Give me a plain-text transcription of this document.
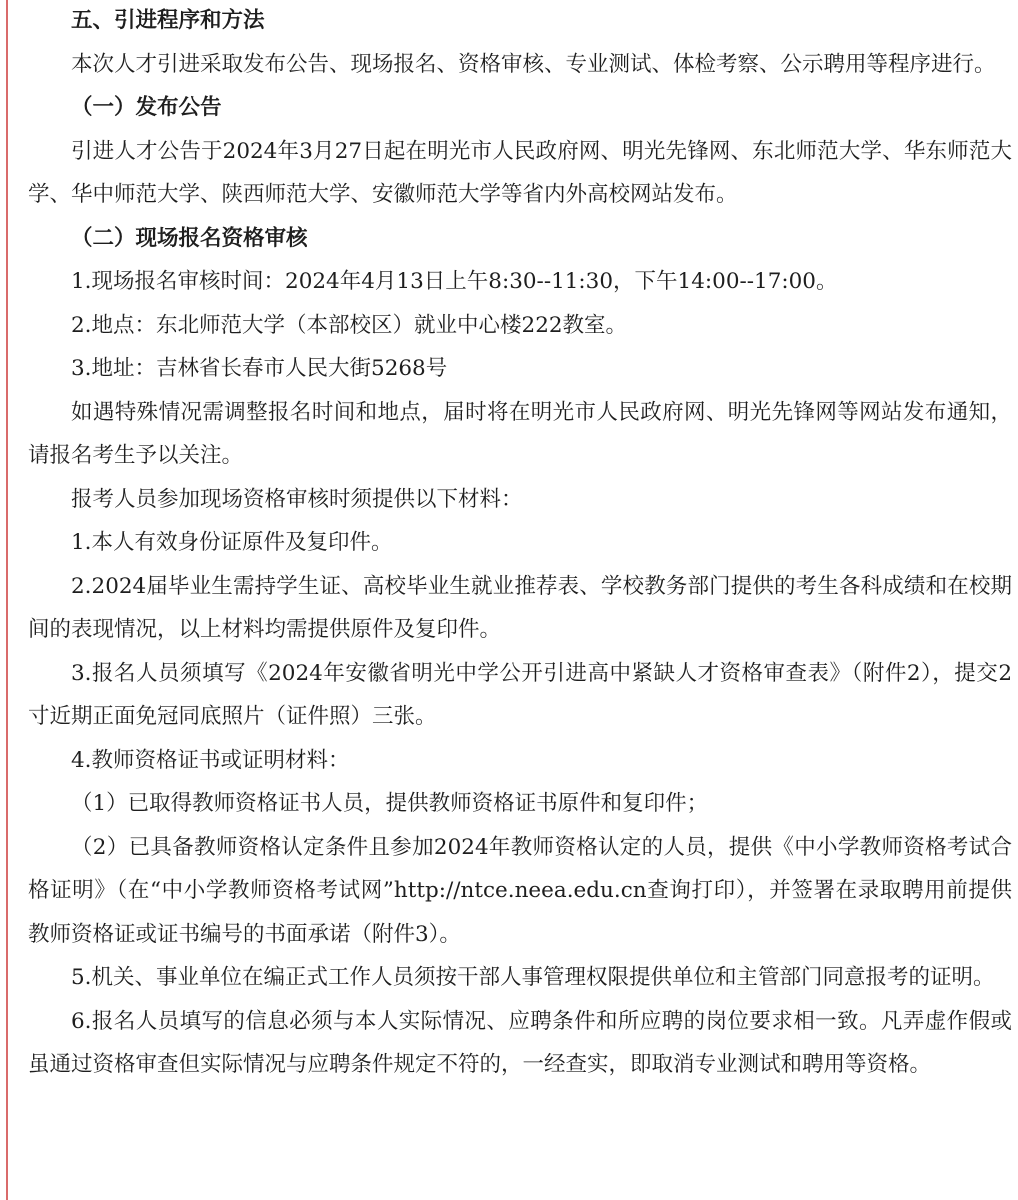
五、引进程序和方法

本次人才引进采取发布公告、现场报名、资格审核、专业测试、体检考察、公示聘用等程序进行。

（一）发布公告

引进人才公告于2024年3月27日起在明光市人民政府网、明光先锋网、东北师范大学、华东师范大学、华中师范大学、陕西师范大学、安徽师范大学等省内外高校网站发布。

（二）现场报名资格审核

1.现场报名审核时间：2024年4月13日上午8:30--11:30，下午14:00--17:00。

2.地点：东北师范大学（本部校区）就业中心楼222教室。

3.地址：吉林省长春市人民大街5268号

如遇特殊情况需调整报名时间和地点，届时将在明光市人民政府网、明光先锋网等网站发布通知，请报名考生予以关注。

报考人员参加现场资格审核时须提供以下材料：

1.本人有效身份证原件及复印件。

2.2024届毕业生需持学生证、高校毕业生就业推荐表、学校教务部门提供的考生各科成绩和在校期间的表现情况，以上材料均需提供原件及复印件。

3.报名人员须填写《2024年安徽省明光中学公开引进高中紧缺人才资格审查表》（附件2），提交2寸近期正面免冠同底照片（证件照）三张。

4.教师资格证书或证明材料：

（1）已取得教师资格证书人员，提供教师资格证书原件和复印件；

（2）已具备教师资格认定条件且参加2024年教师资格认定的人员，提供《中小学教师资格考试合格证明》（在“中小学教师资格考试网”http://ntce.neea.edu.cn查询打印），并签署在录取聘用前提供教师资格证或证书编号的书面承诺（附件3）。

5.机关、事业单位在编正式工作人员须按干部人事管理权限提供单位和主管部门同意报考的证明。

6.报名人员填写的信息必须与本人实际情况、应聘条件和所应聘的岗位要求相一致。凡弄虚作假或虽通过资格审查但实际情况与应聘条件规定不符的，一经查实，即取消专业测试和聘用等资格。
